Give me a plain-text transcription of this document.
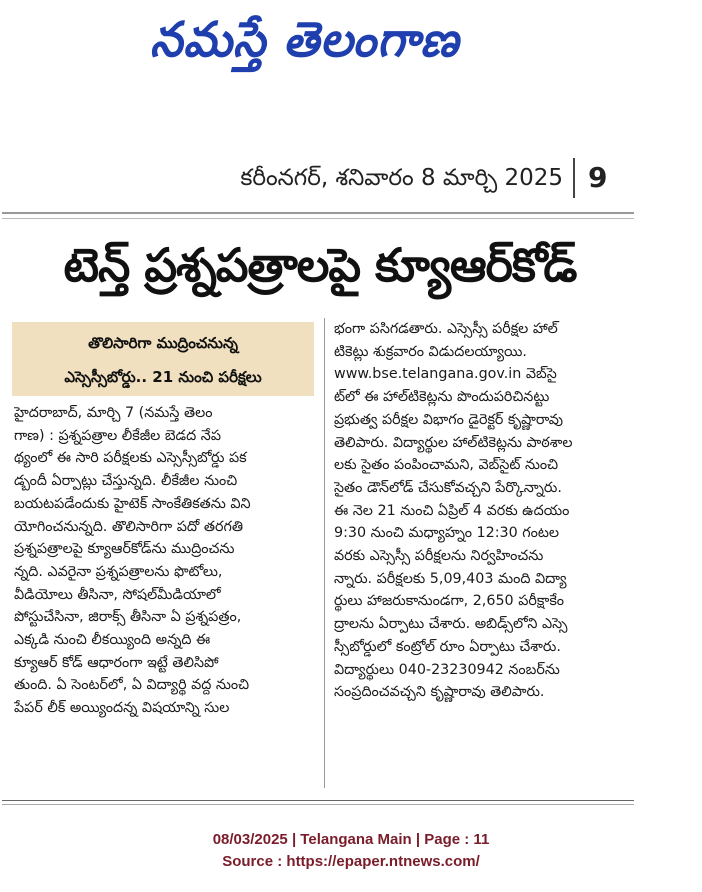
నమస్తే తెలంగాణ
కరీంనగర్‌, శనివారం 8 మార్చి 2025 9
టెన్త్‌ ప్రశ్నపత్రాలపై క్యూఆర్‌కోడ్‌
తొలిసారిగా ముద్రించనున్న
ఎస్సెస్సీబోర్డు.. 21 నుంచి పరీక్షలు

హైదరాబాద్‌, మార్చి 7 (నమస్తే తెలం

గాణ) : ప్రశ్నపత్రాల లీకేజీల బెడద నేప

థ్యంలో ఈ సారి పరీక్షలకు ఎస్సెస్సీబోర్డు పక

డ్బందీ ఏర్పాట్లు చేస్తున్నది. లీకేజీల నుంచి

బయటపడేందుకు హైటెక్‌ సాంకేతికతను విని

యోగించనున్నది. తొలిసారిగా పదో తరగతి

ప్రశ్నపత్రాలపై క్యూఆర్‌కోడ్‌ను ముద్రించను

న్నది. ఎవరైనా ప్రశ్నపత్రాలను ఫొటోలు,

వీడియోలు తీసినా, సోషల్‌మీడియాలో

పోస్టుచేసినా, జిరాక్స్‌ తీసినా ఏ ప్రశ్నపత్రం,

ఎక్కడి నుంచి లీకయ్యింది అన్నది ఈ

క్యూఆర్‌ కోడ్‌ ఆధారంగా ఇట్టే తెలిసిపో

తుంది. ఏ సెంటర్‌లో, ఏ విద్యార్థి వద్ద నుంచి

పేపర్‌ లీక్‌ అయ్యిందన్న విషయాన్ని సుల

భంగా పసిగడతారు. ఎస్సెస్సీ పరీక్షల హాల్‌

టికెట్లు శుక్రవారం విడుదలయ్యాయి.

www.bse.telangana.gov.in వెబ్‌సై

ట్‌లో ఈ హాల్‌టికెట్లను పొందుపరిచినట్టు

ప్రభుత్వ పరీక్షల విభాగం డైరెక్టర్‌ కృష్ణారావు

తెలిపారు. విద్యార్థుల హాల్‌టికెట్లను పాఠశాల

లకు సైతం పంపించామని, వెబ్‌సైట్‌ నుంచి

సైతం డౌన్‌లోడ్‌ చేసుకోవచ్చని పేర్కొన్నారు.

ఈ నెల 21 నుంచి ఏప్రిల్‌ 4 వరకు ఉదయం

9:30 నుంచి మధ్యాహ్నం 12:30 గంటల

వరకు ఎస్సెస్సీ పరీక్షలను నిర్వహించను

న్నారు. పరీక్షలకు 5,09,403 మంది విద్యా

ర్థులు హాజరుకానుండగా, 2,650 పరీక్షాకేం

ద్రాలను ఏర్పాటు చేశారు. అబిడ్స్‌లోని ఎస్సె

స్సీబోర్డులో కంట్రోల్‌ రూం ఏర్పాటు చేశారు.

విద్యార్థులు 040-23230942 నంబర్‌ను

సంప్రదించవచ్చని కృష్ణారావు తెలిపారు.

08/03/2025 | Telangana Main | Page : 11
Source : https://epaper.ntnews.com/
